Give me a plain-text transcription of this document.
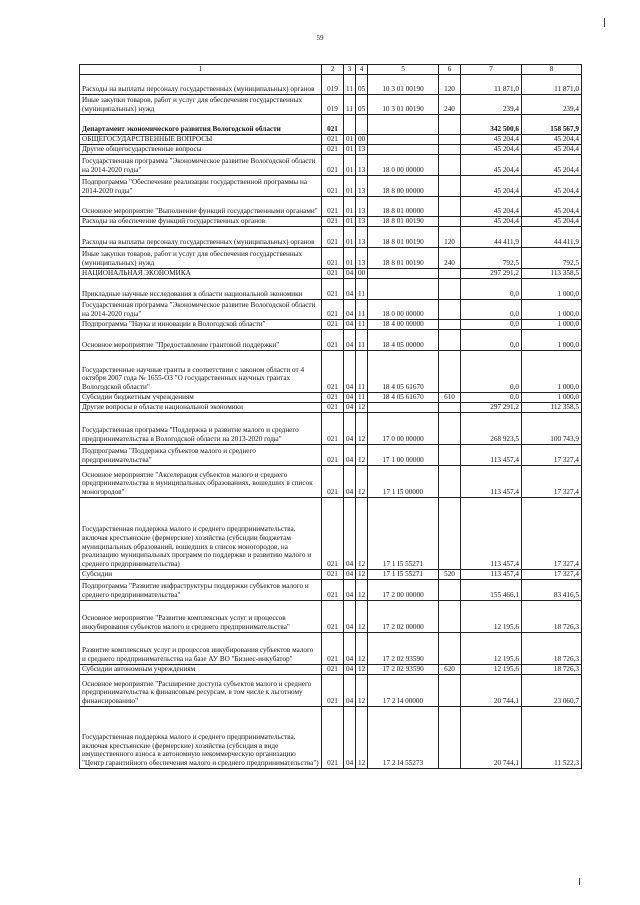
59
1	2	3	4	5	6	7	8
Расходы на выплаты персоналу государственных (муниципальных) органов	019	11	05	10 3 01 00190	120	11 871,0	11 871,0
Иные закупки товаров, работ и услуг для обеспечения государственных (муниципальных) нужд	019	11	05	10 3 01 00190	240	239,4	239,4
Департамент экономического развития Вологодской области	021					342 500,6	158 567,9
ОБЩЕГОСУДАРСТВЕННЫЕ ВОПРОСЫ	021	01	00			45 204,4	45 204,4
Другие общегосударственные вопросы	021	01	13			45 204,4	45 204,4
Государственная программа "Экономическое развитие Вологодской области на 2014-2020 годы"	021	01	13	18 0 00 00000		45 204,4	45 204,4
Подпрограмма "Обеспечение реализации государственной программы на 2014-2020 годы"	021	01	13	18 8 00 00000		45 204,4	45 204,4
Основное мероприятие "Выполнение функций государственными органами"	021	01	13	18 8 01 00000		45 204,4	45 204,4
Расходы на обеспечение функций государственных органов	021	01	13	18 8 01 00190		45 204,4	45 204,4
Расходы на выплаты персоналу государственных (муниципальных) органов	021	01	13	18 8 01 00190	120	44 411,9	44 411,9
Иные закупки товаров, работ и услуг для обеспечения государственных (муниципальных) нужд	021	01	13	18 8 01 00190	240	792,5	792,5
НАЦИОНАЛЬНАЯ ЭКОНОМИКА	021	04	00			297 291,2	113 358,5
Прикладные научные исследования в области национальной экономики	021	04	11			0,0	1 000,0
Государственная программа "Экономическое развитие Вологодской области на 2014-2020 годы"	021	04	11	18 0 00 00000		0,0	1 000,0
Подпрограмма "Наука и инновации в Вологодской области"	021	04	11	18 4 00 00000		0,0	1 000,0
Основное мероприятие "Предоставление грантовой поддержки"	021	04	11	18 4 05 00000		0,0	1 000,0
Государственные научные гранты в соответствии с законом области от 4 октября 2007 года № 1655-ОЗ "О государственных научных грантах Вологодской области"	021	04	11	18 4 05 61670		0,0	1 000,0
Субсидии бюджетным учреждениям	021	04	11	18 4 05 61670	610	0,0	1 000,0
Другие вопросы в области национальной экономики	021	04	12			297 291,2	112 358,5
Государственная программа "Поддержка и развитие малого и среднего предпринимательства в Вологодской области на 2013-2020 годы"	021	04	12	17 0 00 00000		268 923,5	100 743,9
Подпрограмма "Поддержка субъектов малого и среднего предпринимательства"	021	04	12	17 1 00 00000		113 457,4	17 327,4
Основное мероприятие "Акселерация субъектов малого и среднего предпринимательства в муниципальных образованиях, вошедших в список моногородов"	021	04	12	17 1 I5 00000		113 457,4	17 327,4
Государственная поддержка малого и среднего предпринимательства, включая крестьянские (фермерские) хозяйства (субсидии бюджетам муниципальных образований, вошедших в список моногородов, на реализацию муниципальных программ по поддержке и развитию малого и среднего предпринимательства)	021	04	12	17 1 I5 55271		113 457,4	17 327,4
Субсидии	021	04	12	17 1 I5 55271	520	113 457,4	17 327,4
Подпрограмма "Развитие инфраструктуры поддержки субъектов малого и среднего предпринимательства"	021	04	12	17 2 00 00000		155 466,1	83 416,5
Основное мероприятие "Развитие комплексных услуг и процессов инкубирования субъектов малого и среднего предпринимательства"	021	04	12	17 2 02 00000		12 195,6	18 726,3
Развитие комплексных услуг и процессов инкубирования субъектов малого и среднего предпринимательства на базе АУ ВО "Бизнес-инкубатор"	021	04	12	17 2 02 93590		12 195,6	18 726,3
Субсидии автономным учреждениям	021	04	12	17 2 02 93590	620	12 195,6	18 726,3
Основное мероприятие "Расширение доступа субъектов малого и среднего предпринимательства к финансовым ресурсам, в том числе к льготному финансированию"	021	04	12	17 2 I4 00000		20 744,1	23 060,7
Государственная поддержка малого и среднего предпринимательства, включая крестьянские (фермерские) хозяйства (субсидия в виде имущественного взноса в автономную некоммерческую организацию "Центр гарантийного обеспечения малого и среднего предпринимательства")	021	04	12	17 2 I4 55273		20 744,1	11 522,3
